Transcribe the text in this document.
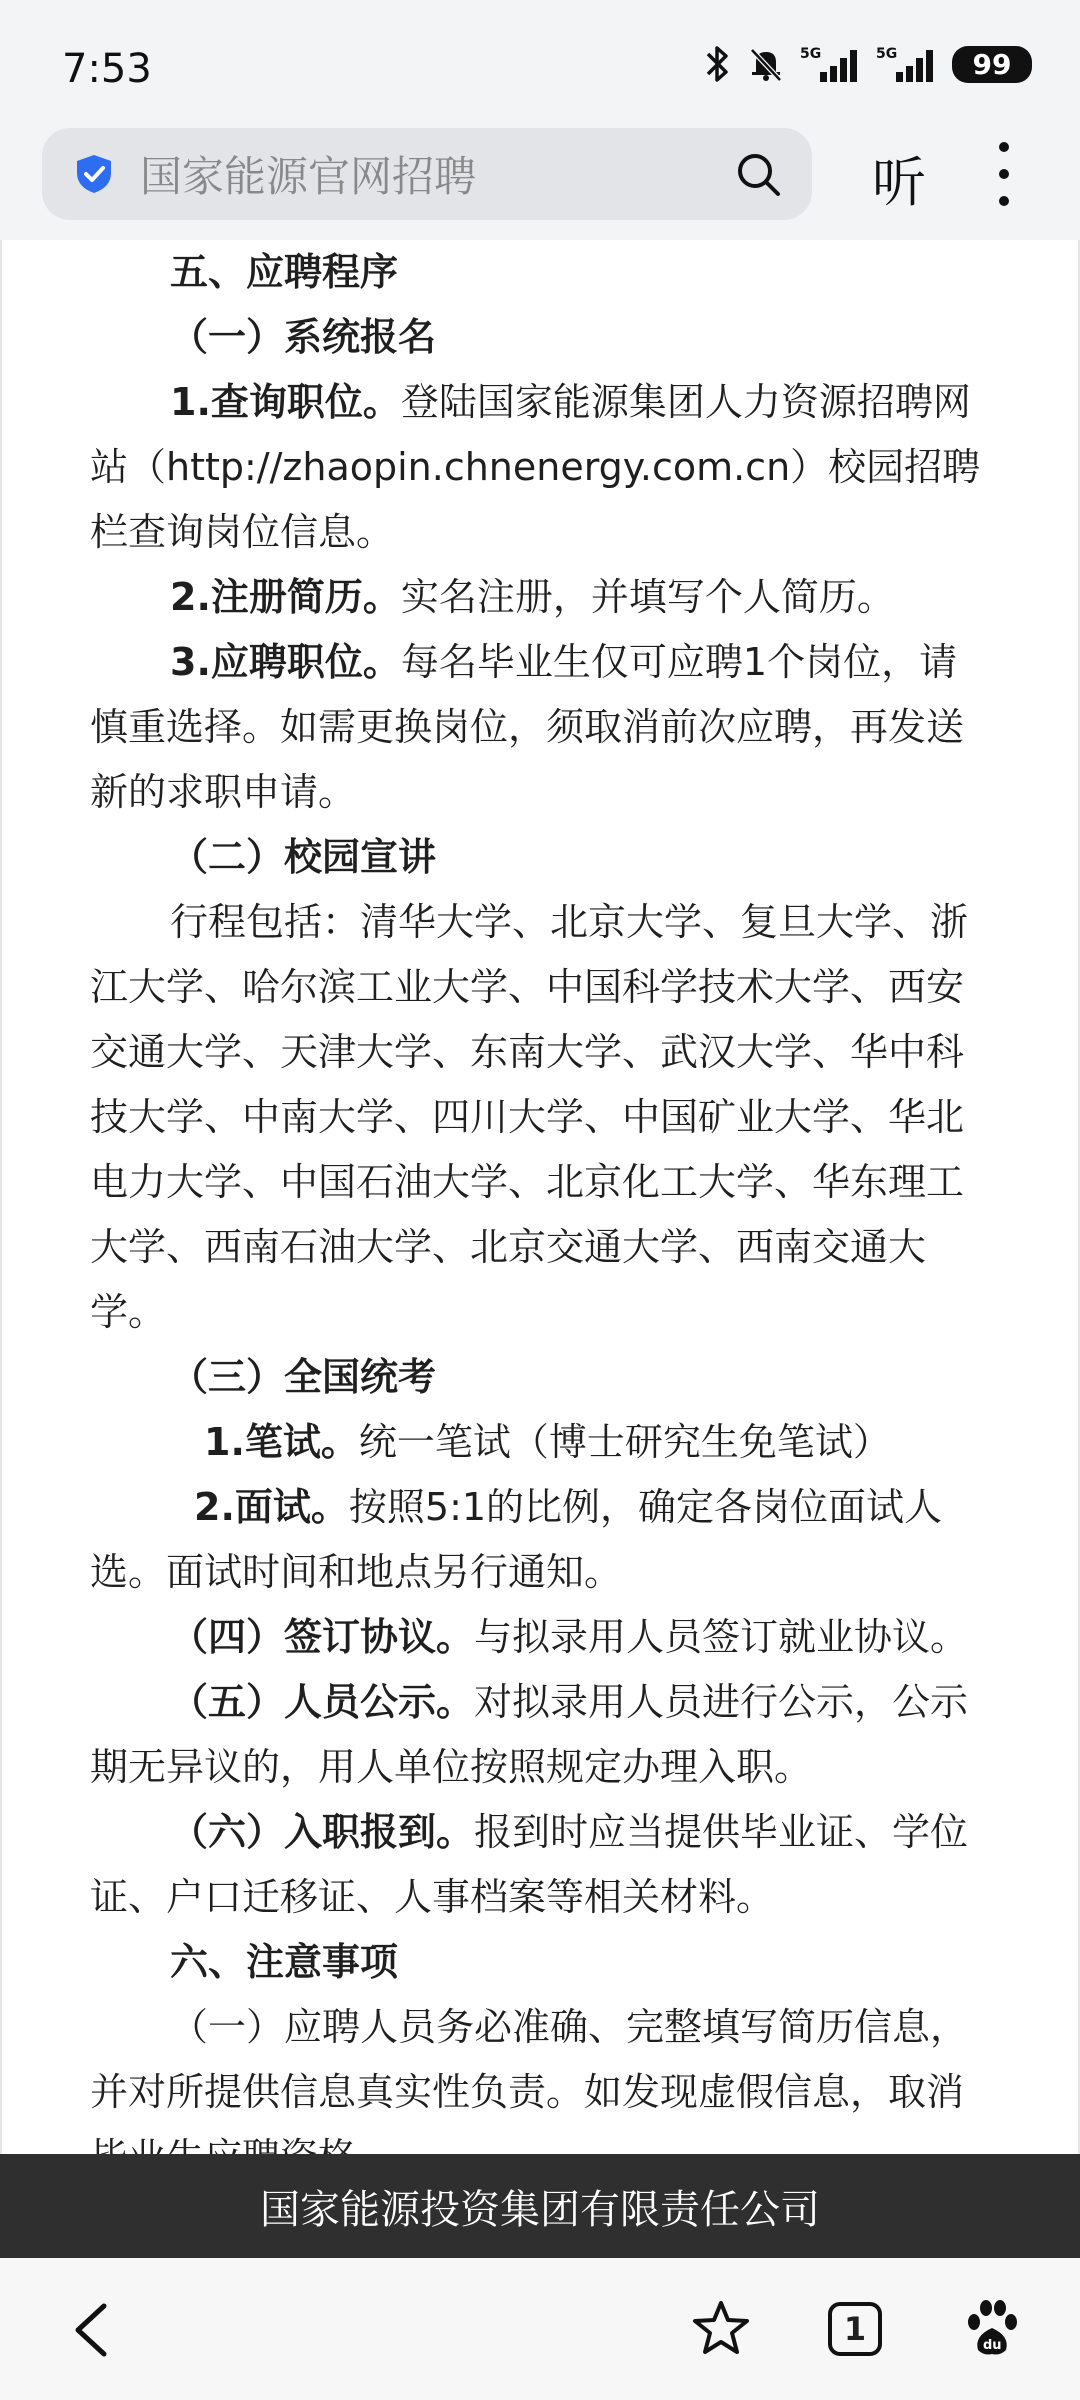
7:53	5G	5G	99
国家能源官网招聘	听

五、应聘程序

（一）系统报名

1.查询职位。登陆国家能源集团人力资源招聘网站（http://zhaopin.chnenergy.com.cn）校园招聘栏查询岗位信息。

2.注册简历。实名注册，并填写个人简历。

3.应聘职位。每名毕业生仅可应聘1个岗位，请慎重选择。如需更换岗位，须取消前次应聘，再发送新的求职申请。

（二）校园宣讲

行程包括：清华大学、北京大学、复旦大学、浙江大学、哈尔滨工业大学、中国科学技术大学、西安交通大学、天津大学、东南大学、武汉大学、华中科技大学、中南大学、四川大学、中国矿业大学、华北电力大学、中国石油大学、北京化工大学、华东理工大学、西南石油大学、北京交通大学、西南交通大学。

（三）全国统考

1.笔试。统一笔试（博士研究生免笔试）

2.面试。按照5:1的比例，确定各岗位面试人选。面试时间和地点另行通知。

（四）签订协议。与拟录用人员签订就业协议。

（五）人员公示。对拟录用人员进行公示，公示期无异议的，用人单位按照规定办理入职。

（六）入职报到。报到时应当提供毕业证、学位证、户口迁移证、人事档案等相关材料。

六、注意事项

（一）应聘人员务必准确、完整填写简历信息，并对所提供信息真实性负责。如发现虚假信息，取消

国家能源投资集团有限责任公司
1	du
